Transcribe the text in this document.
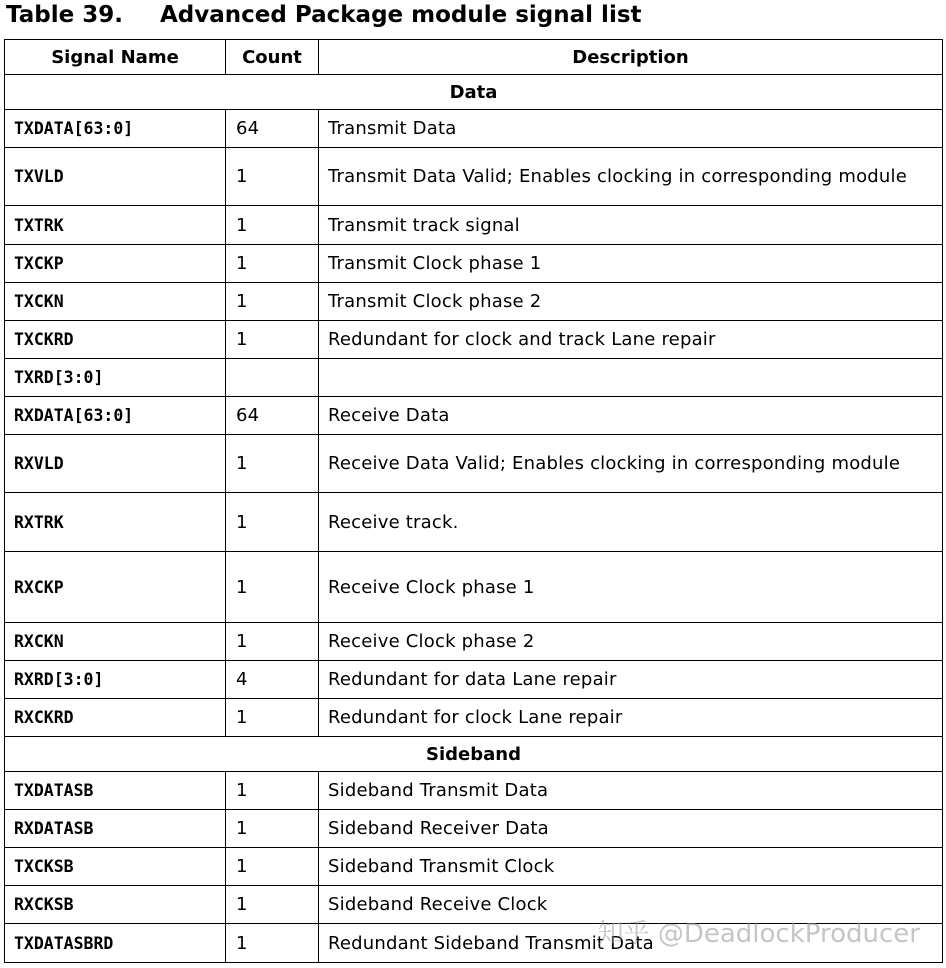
Table 39. Advanced Package module signal list
Signal Name	Count	Description
Data		
TXDATA[63:0]	64	Transmit Data
TXVLD	1	Transmit Data Valid; Enables clocking in corresponding module
TXTRK	1	Transmit track signal
TXCKP	1	Transmit Clock phase 1
TXCKN	1	Transmit Clock phase 2
TXCKRD	1	Redundant for clock and track Lane repair
TXRD[3:0]		
RXDATA[63:0]	64	Receive Data
RXVLD	1	Receive Data Valid; Enables clocking in corresponding module
RXTRK	1	Receive track.
RXCKP	1	Receive Clock phase 1
RXCKN	1	Receive Clock phase 2
RXRD[3:0]	4	Redundant for data Lane repair
RXCKRD	1	Redundant for clock Lane repair
Sideband		
TXDATASB	1	Sideband Transmit Data
RXDATASB	1	Sideband Receiver Data
TXCKSB	1	Sideband Transmit Clock
RXCKSB	1	Sideband Receive Clock
TXDATASBRD	1	Redundant Sideband Transmit Data
知乎 @DeadlockProducer
